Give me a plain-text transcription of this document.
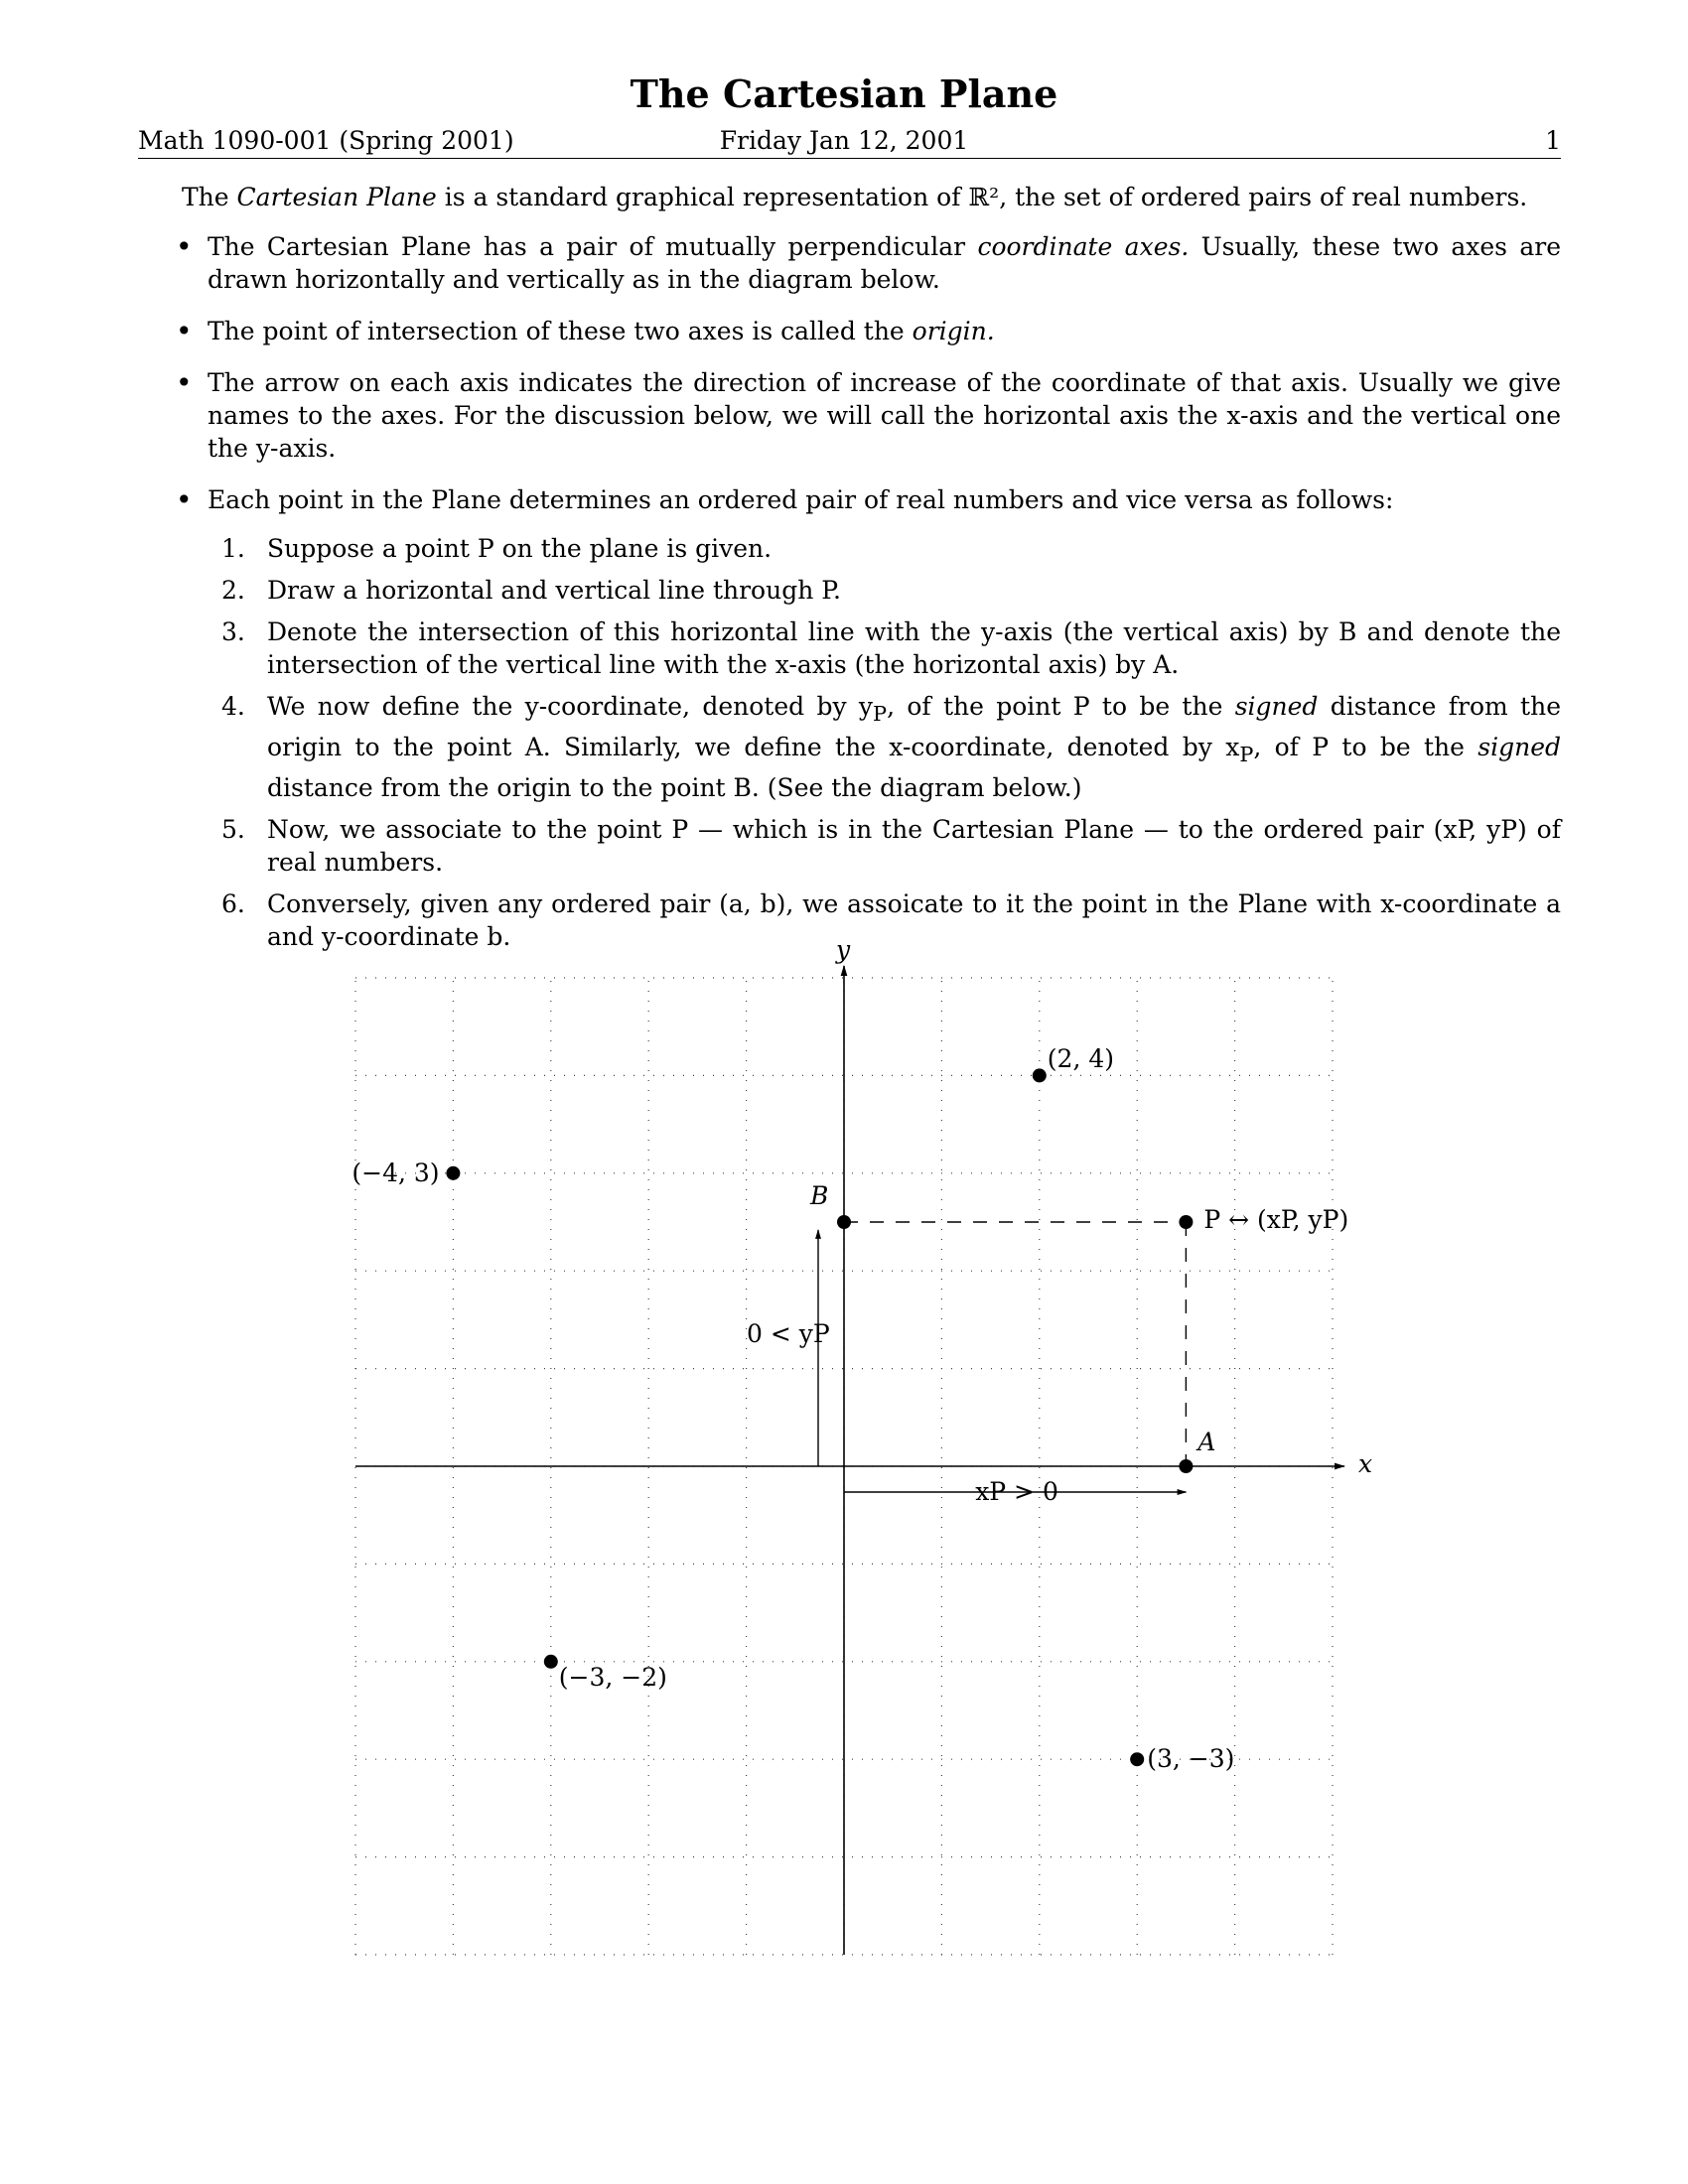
The Cartesian Plane
Math 1090-001 (Spring 2001)	Friday Jan 12, 2001	1

The Cartesian Plane is a standard graphical representation of ℝ², the set of ordered pairs of real numbers.

• The Cartesian Plane has a pair of mutually perpendicular coordinate axes. Usually, these two axes are drawn horizontally and vertically as in the diagram below.
• The point of intersection of these two axes is called the origin.
• The arrow on each axis indicates the direction of increase of the coordinate of that axis. Usually we give names to the axes. For the discussion below, we will call the horizontal axis the x-axis and the vertical one the y-axis.
• Each point in the Plane determines an ordered pair of real numbers and vice versa as follows:
1. Suppose a point P on the plane is given.
2. Draw a horizontal and vertical line through P.
3. Denote the intersection of this horizontal line with the y-axis (the vertical axis) by B and denote the intersection of the vertical line with the x-axis (the horizontal axis) by A.
4. We now define the y-coordinate, denoted by $y_P$, of the point P to be the signed distance from the origin to the point A. Similarly, we define the x-coordinate, denoted by $x_P$, of P to be the signed distance from the origin to the point B. (See the diagram below.)
5. Now, we associate to the point P — which is in the Cartesian Plane — to the ordered pair (xP, yP) of real numbers.
6. Conversely, given any ordered pair (a, b), we assoicate to it the point in the Plane with x-coordinate a and y-coordinate b.	y
x
B
A
P ↔ (xP, yP)
0 < yP
xP > 0
(2, 4)
(−4, 3)
(−3, −2)
(3, −3)
